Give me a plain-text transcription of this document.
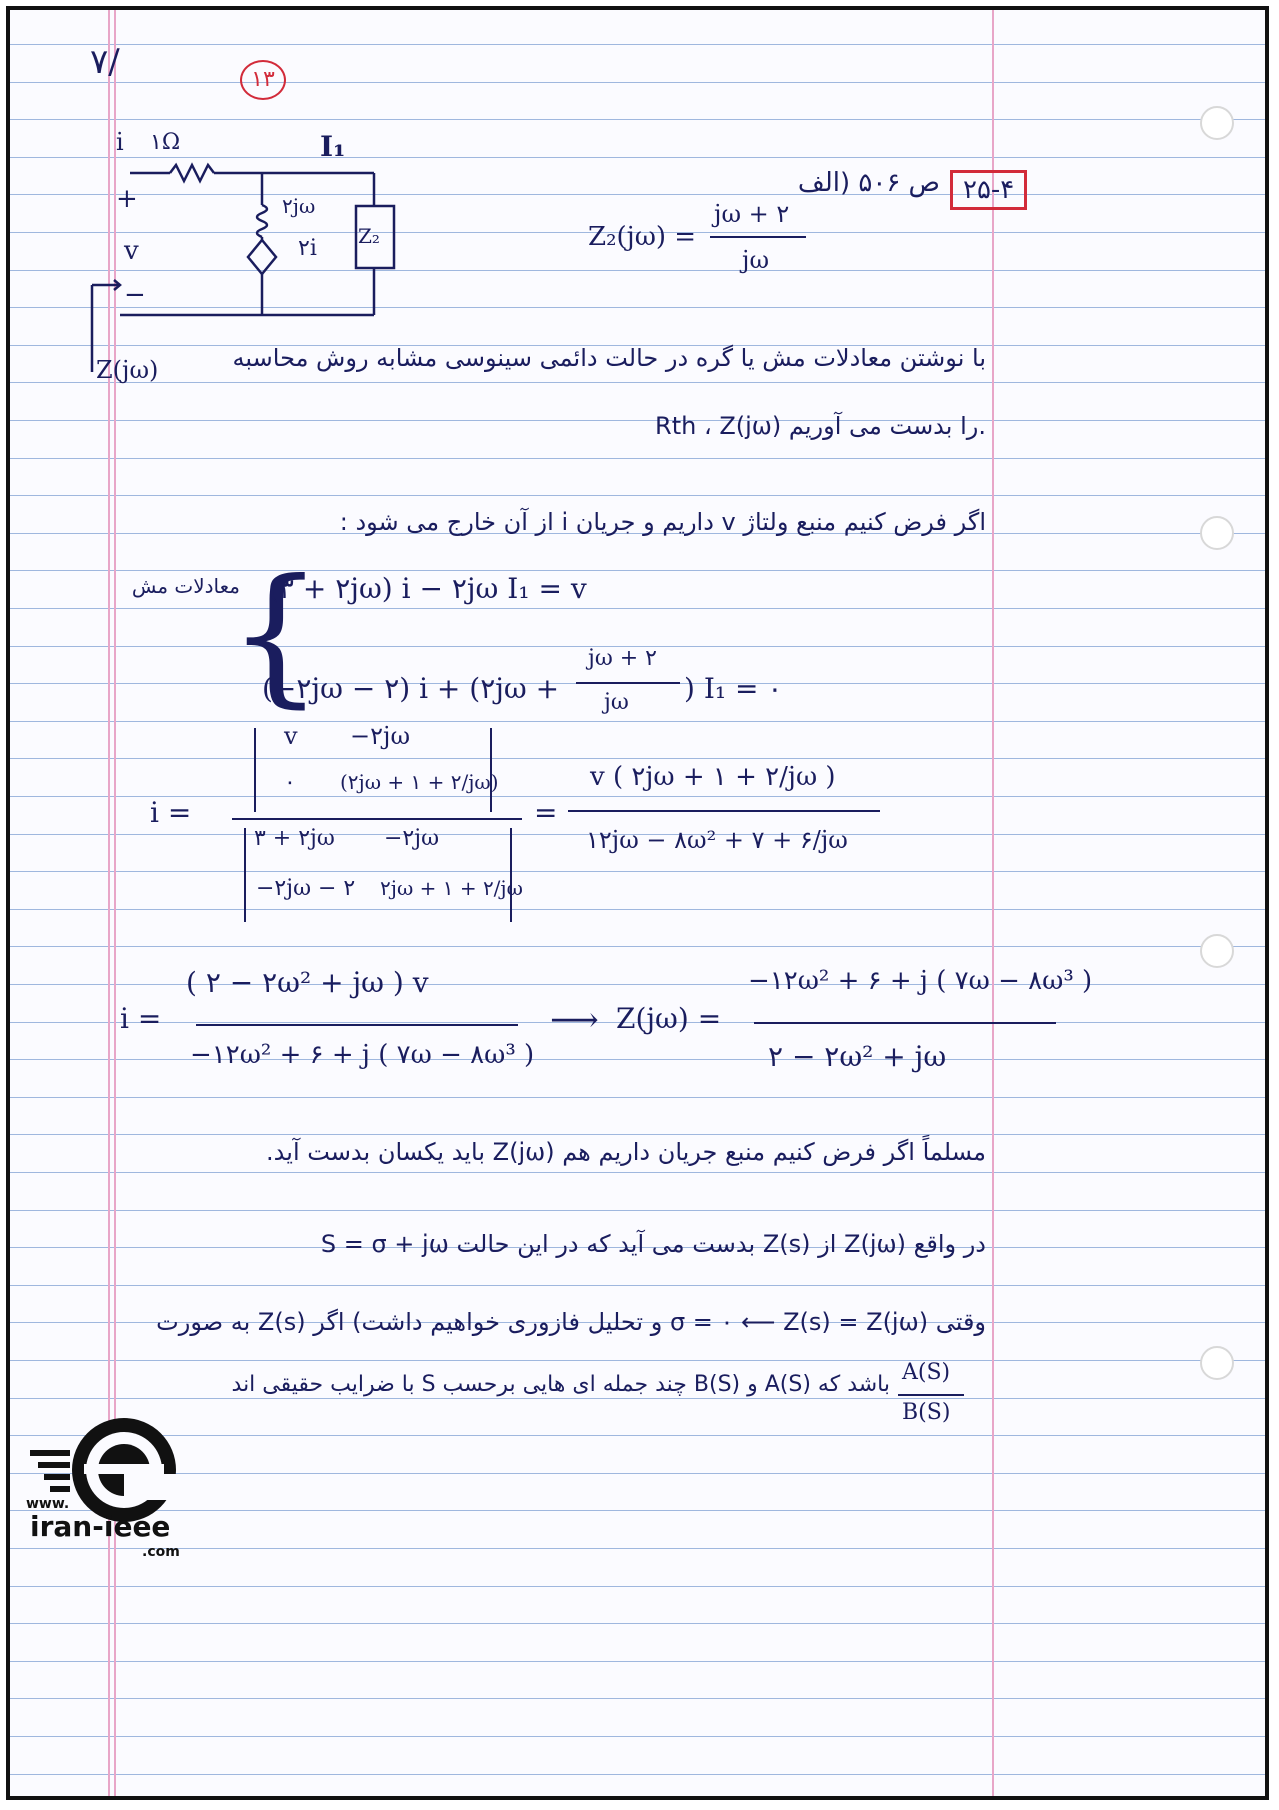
۷/	۱۳
۲۵-۴
ص ۵۰۶ (الف
i ۱Ω	I₁
+
v
−
۲jω
۲i Z₂
Z(jω)
Z₂(jω) =
jω + ۲
jω
با نوشتن معادلات مش یا گره در حالت دائمی سینوسی مشابه روش محاسبه
Rth ، Z(jω) را بدست می آوریم.
اگر فرض کنیم منبع ولتاژ v داریم و جریان i از آن خارج می شود :
معادلات مش
{
(۳ + ۲jω) i − ۲jω I₁ = v
(−۲jω − ۲) i + (۲jω +
jω + ۲
jω ) I₁ = ۰
i =
v −۲jω
۰ (۲jω + ۱ + ۲/jω)
۳ + ۲jω −۲jω
−۲jω − ۲ ۲jω + ۱ + ۲/jω
=
v ( ۲jω + ۱ + ۲/jω )
۱۲jω − ۸ω² + ۷ + ۶/jω
i =
( ۲ − ۲ω² + jω ) v
−۱۲ω² + ۶ + j ( ۷ω − ۸ω³ )
⟶ Z(jω) =
−۱۲ω² + ۶ + j ( ۷ω − ۸ω³ )
۲ − ۲ω² + jω
مسلماً اگر فرض کنیم منبع جریان داریم هم Z(jω) باید یکسان بدست آید.
در واقع Z(jω) از Z(s) بدست می آید که در این حالت S = σ + jω
وقتی σ = ۰ ⟵ Z(s) = Z(jω) و تحلیل فازوری خواهیم داشت) اگر Z(s) به صورت
A(S)
B(S)
باشد که A(S) و B(S) چند جمله ای هایی برحسب S با ضرایب حقیقی اند
www.
iran-ieee
.com
